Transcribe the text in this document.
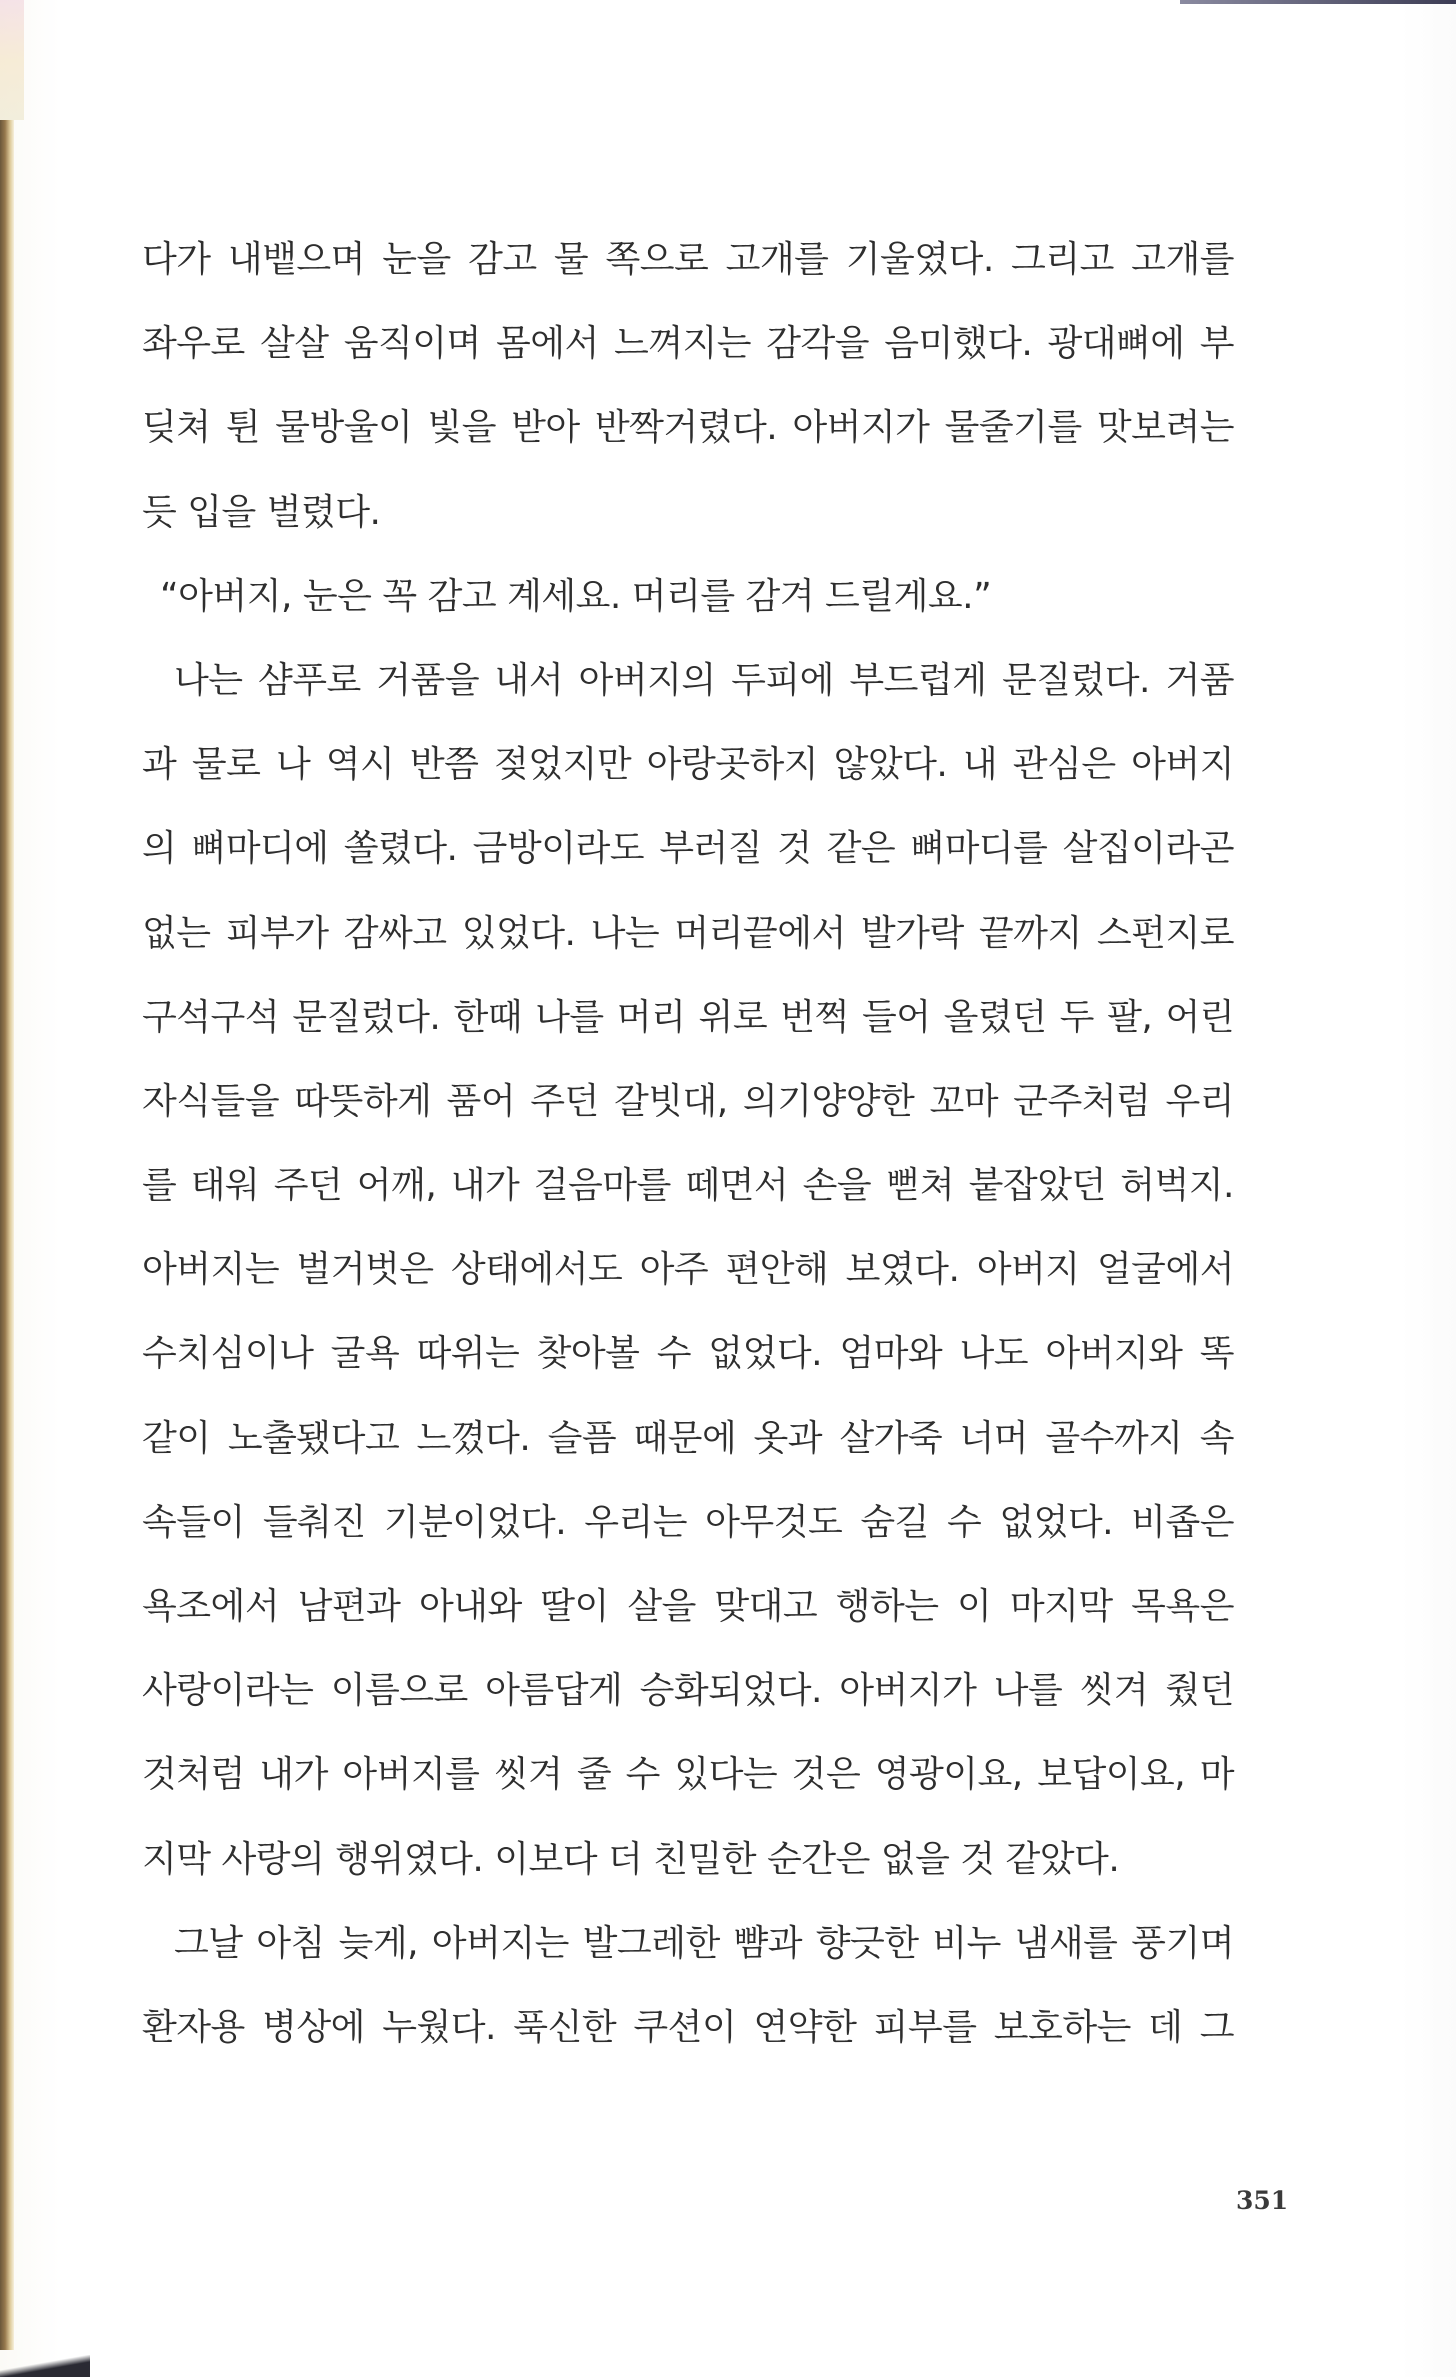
다가 내뱉으며 눈을 감고 물 쪽으로 고개를 기울였다. 그리고 고개를
좌우로 살살 움직이며 몸에서 느껴지는 감각을 음미했다. 광대뼈에 부
딪쳐 튄 물방울이 빛을 받아 반짝거렸다. 아버지가 물줄기를 맛보려는
듯 입을 벌렸다.
“아버지, 눈은 꼭 감고 계세요. 머리를 감겨 드릴게요.”
나는 샴푸로 거품을 내서 아버지의 두피에 부드럽게 문질렀다. 거품
과 물로 나 역시 반쯤 젖었지만 아랑곳하지 않았다. 내 관심은 아버지
의 뼈마디에 쏠렸다. 금방이라도 부러질 것 같은 뼈마디를 살집이라곤
없는 피부가 감싸고 있었다. 나는 머리끝에서 발가락 끝까지 스펀지로
구석구석 문질렀다. 한때 나를 머리 위로 번쩍 들어 올렸던 두 팔, 어린
자식들을 따뜻하게 품어 주던 갈빗대, 의기양양한 꼬마 군주처럼 우리
를 태워 주던 어깨, 내가 걸음마를 떼면서 손을 뻗쳐 붙잡았던 허벅지.
아버지는 벌거벗은 상태에서도 아주 편안해 보였다. 아버지 얼굴에서
수치심이나 굴욕 따위는 찾아볼 수 없었다. 엄마와 나도 아버지와 똑
같이 노출됐다고 느꼈다. 슬픔 때문에 옷과 살가죽 너머 골수까지 속
속들이 들춰진 기분이었다. 우리는 아무것도 숨길 수 없었다. 비좁은
욕조에서 남편과 아내와 딸이 살을 맞대고 행하는 이 마지막 목욕은
사랑이라는 이름으로 아름답게 승화되었다. 아버지가 나를 씻겨 줬던
것처럼 내가 아버지를 씻겨 줄 수 있다는 것은 영광이요, 보답이요, 마
지막 사랑의 행위였다. 이보다 더 친밀한 순간은 없을 것 같았다.
그날 아침 늦게, 아버지는 발그레한 뺨과 향긋한 비누 냄새를 풍기며
환자용 병상에 누웠다. 푹신한 쿠션이 연약한 피부를 보호하는 데 그
351
